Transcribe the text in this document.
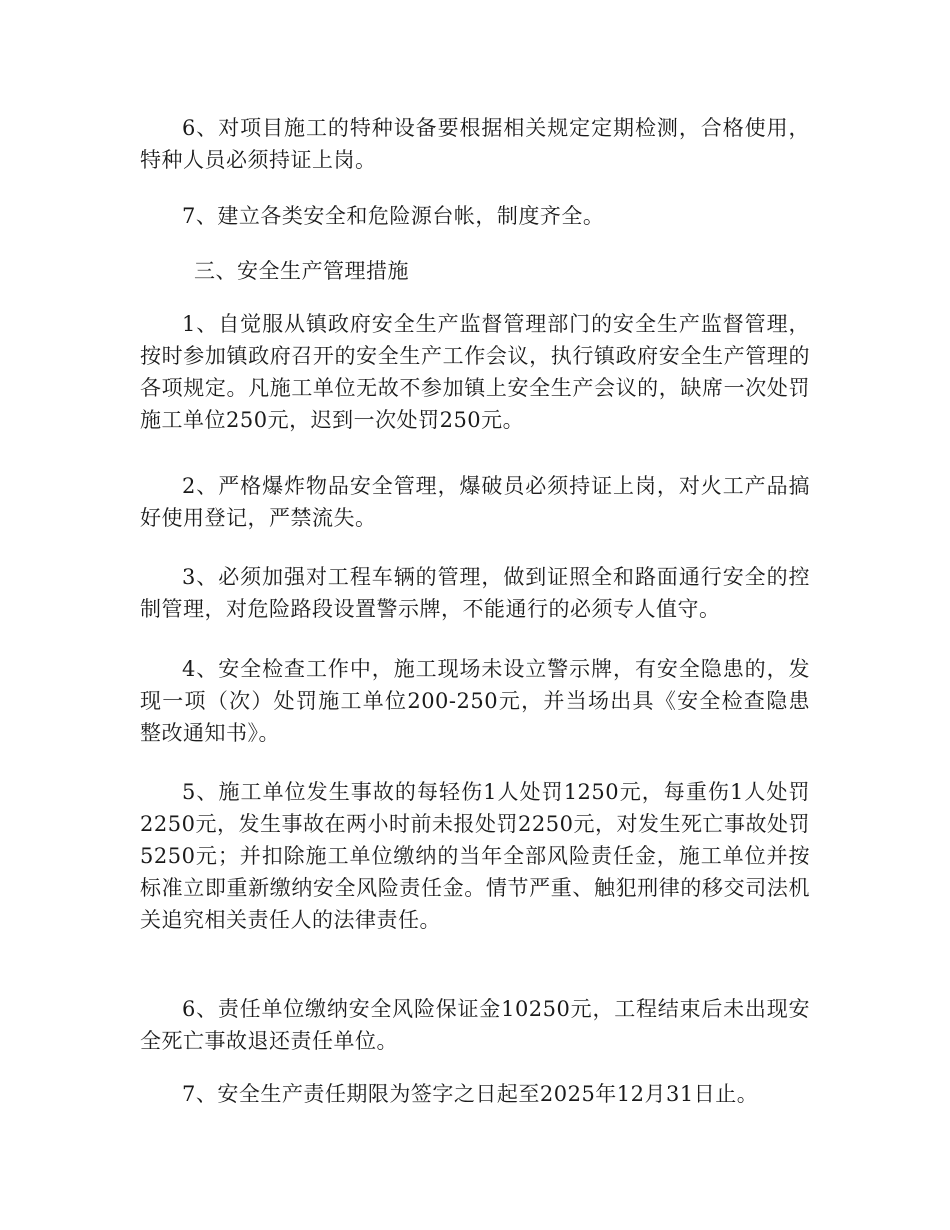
6、对项目施工的特种设备要根据相关规定定期检测，合格使用，特种人员必须持证上岗。

7、建立各类安全和危险源台帐，制度齐全。

三、安全生产管理措施

1、自觉服从镇政府安全生产监督管理部门的安全生产监督管理，按时参加镇政府召开的安全生产工作会议，执行镇政府安全生产管理的各项规定。凡施工单位无故不参加镇上安全生产会议的，缺席一次处罚施工单位250元，迟到一次处罚250元。

2、严格爆炸物品安全管理，爆破员必须持证上岗，对火工产品搞好使用登记，严禁流失。

3、必须加强对工程车辆的管理，做到证照全和路面通行安全的控制管理，对危险路段设置警示牌，不能通行的必须专人值守。

4、安全检查工作中，施工现场未设立警示牌，有安全隐患的，发现一项（次）处罚施工单位200-250元，并当场出具《安全检查隐患整改通知书》。

5、施工单位发生事故的每轻伤1人处罚1250元，每重伤1人处罚2250元，发生事故在两小时前未报处罚2250元，对发生死亡事故处罚5250元；并扣除施工单位缴纳的当年全部风险责任金，施工单位并按标准立即重新缴纳安全风险责任金。情节严重、触犯刑律的移交司法机关追究相关责任人的法律责任。

6、责任单位缴纳安全风险保证金10250元，工程结束后未出现安全死亡事故退还责任单位。

7、安全生产责任期限为签字之日起至2025年12月31日止。
